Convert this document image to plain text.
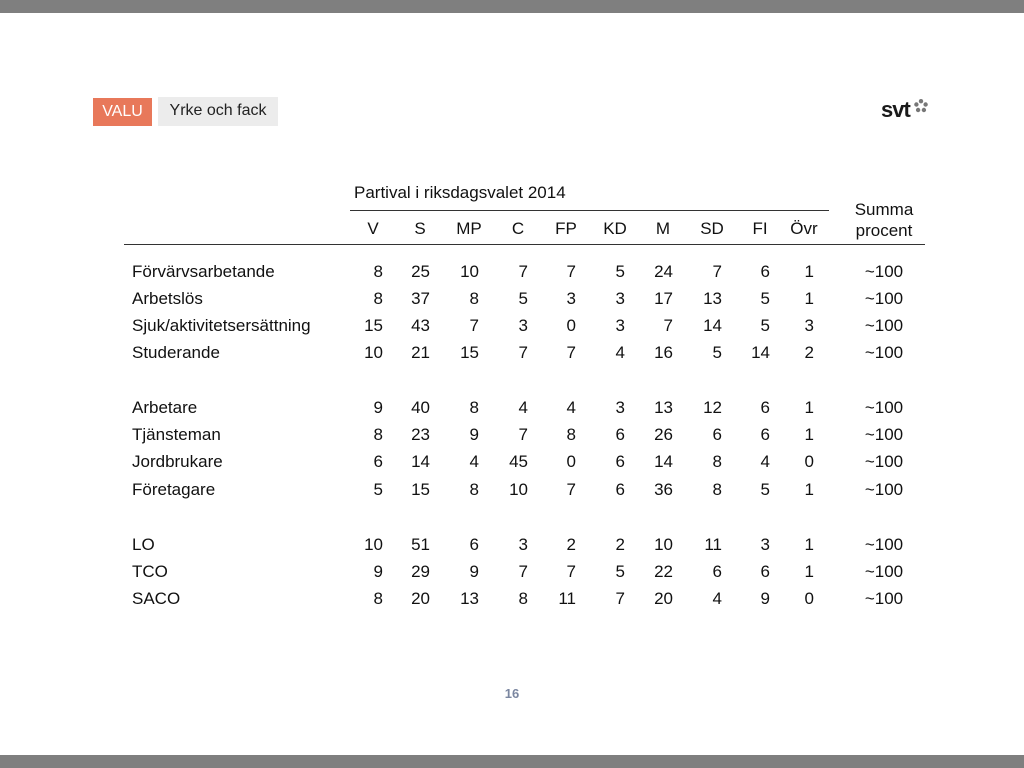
VALU	Yrke och fack	svt
Partival i riksdagsvalet 2014
Summa
procent
V	S	MP	C	FP	KD	M	SD	FI	Övr
Förvärvsarbetande	8	25	10	7	7	5	24	7	6	1	~100
Arbetslös	8	37	8	5	3	3	17	13	5	1	~100
Sjuk/aktivitetsersättning	15	43	7	3	0	3	7	14	5	3	~100
Studerande	10	21	15	7	7	4	16	5	14	2	~100
Arbetare	9	40	8	4	4	3	13	12	6	1	~100
Tjänsteman	8	23	9	7	8	6	26	6	6	1	~100
Jordbrukare	6	14	4	45	0	6	14	8	4	0	~100
Företagare	5	15	8	10	7	6	36	8	5	1	~100
LO	10	51	6	3	2	2	10	11	3	1	~100
TCO	9	29	9	7	7	5	22	6	6	1	~100
SACO	8	20	13	8	11	7	20	4	9	0	~100
16
